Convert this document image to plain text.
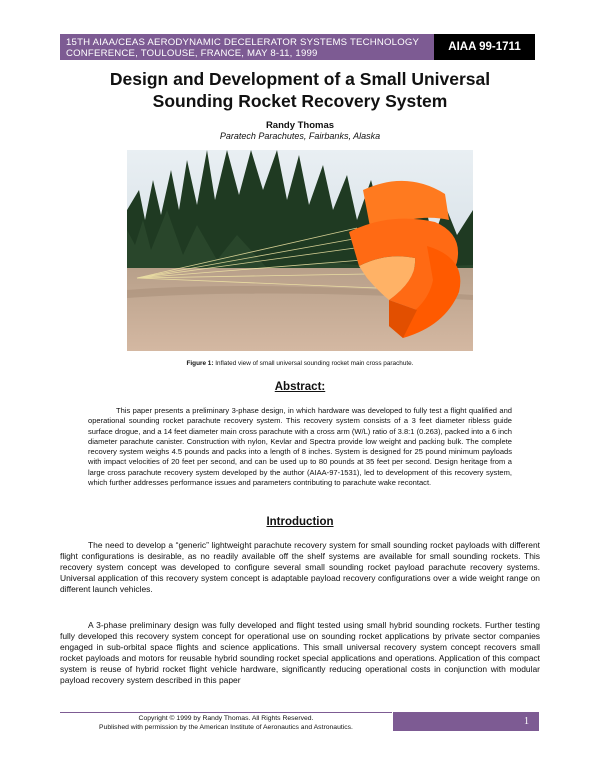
15TH AIAA/CEAS AERODYNAMIC DECELERATOR SYSTEMS TECHNOLOGY
CONFERENCE, TOULOUSE, FRANCE, MAY 8-11, 1999
AIAA 99-1711
Design and Development of a Small Universal
Sounding Rocket Recovery System
Randy Thomas
Paratech Parachutes, Fairbanks, Alaska
Figure 1: Inflated view of small universal sounding rocket main cross parachute.
Abstract:
This paper presents a preliminary 3-phase design, in which hardware was developed to fully test a flight qualified and operational sounding rocket parachute recovery system. This recovery system consists of a 3 feet diameter ribless guide surface drogue, and a 14 feet diameter main cross parachute with a cross arm (W/L) ratio of 3.8:1 (0.263), packed into a 6 inch diameter parachute canister. Construction with nylon, Kevlar and Spectra provide low weight and packing bulk. The complete recovery system weighs 4.5 pounds and packs into a length of 8 inches. System is designed for 25 pound minimum payloads with impact velocities of 20 feet per second, and can be used up to 80 pounds at 35 feet per second. Design heritage from a large cross parachute recovery system developed by the author (AIAA-97-1531), led to development of this recovery system, which further addresses performance issues and parameters contributing to parachute wake recontact.
Introduction
The need to develop a “generic” lightweight parachute recovery system for small sounding rocket payloads with different flight configurations is desirable, as no readily available off the shelf systems are available for small sounding rockets. This recovery system concept was developed to configure several small sounding rocket payload parachute recovery systems. Universal application of this recovery system concept is adaptable payload recovery configurations over a wide weight range on different launch vehicles.
A 3-phase preliminary design was fully developed and flight tested using small hybrid sounding rockets. Further testing fully developed this recovery system concept for operational use on sounding rocket applications by private sector companies engaged in sub-orbital space flights and science applications. This small universal recovery system concept recovers small rocket payloads and motors for reusable hybrid sounding rocket special applications and operations. Application of this compact system is reuse of hybrid rocket flight vehicle hardware, significantly reducing operational costs in conjunction with modular payload recovery system described in this paper
Copyright © 1999 by Randy Thomas. All Rights Reserved.
Published with permission by the American Institute of Aeronautics and Astronautics.
1
